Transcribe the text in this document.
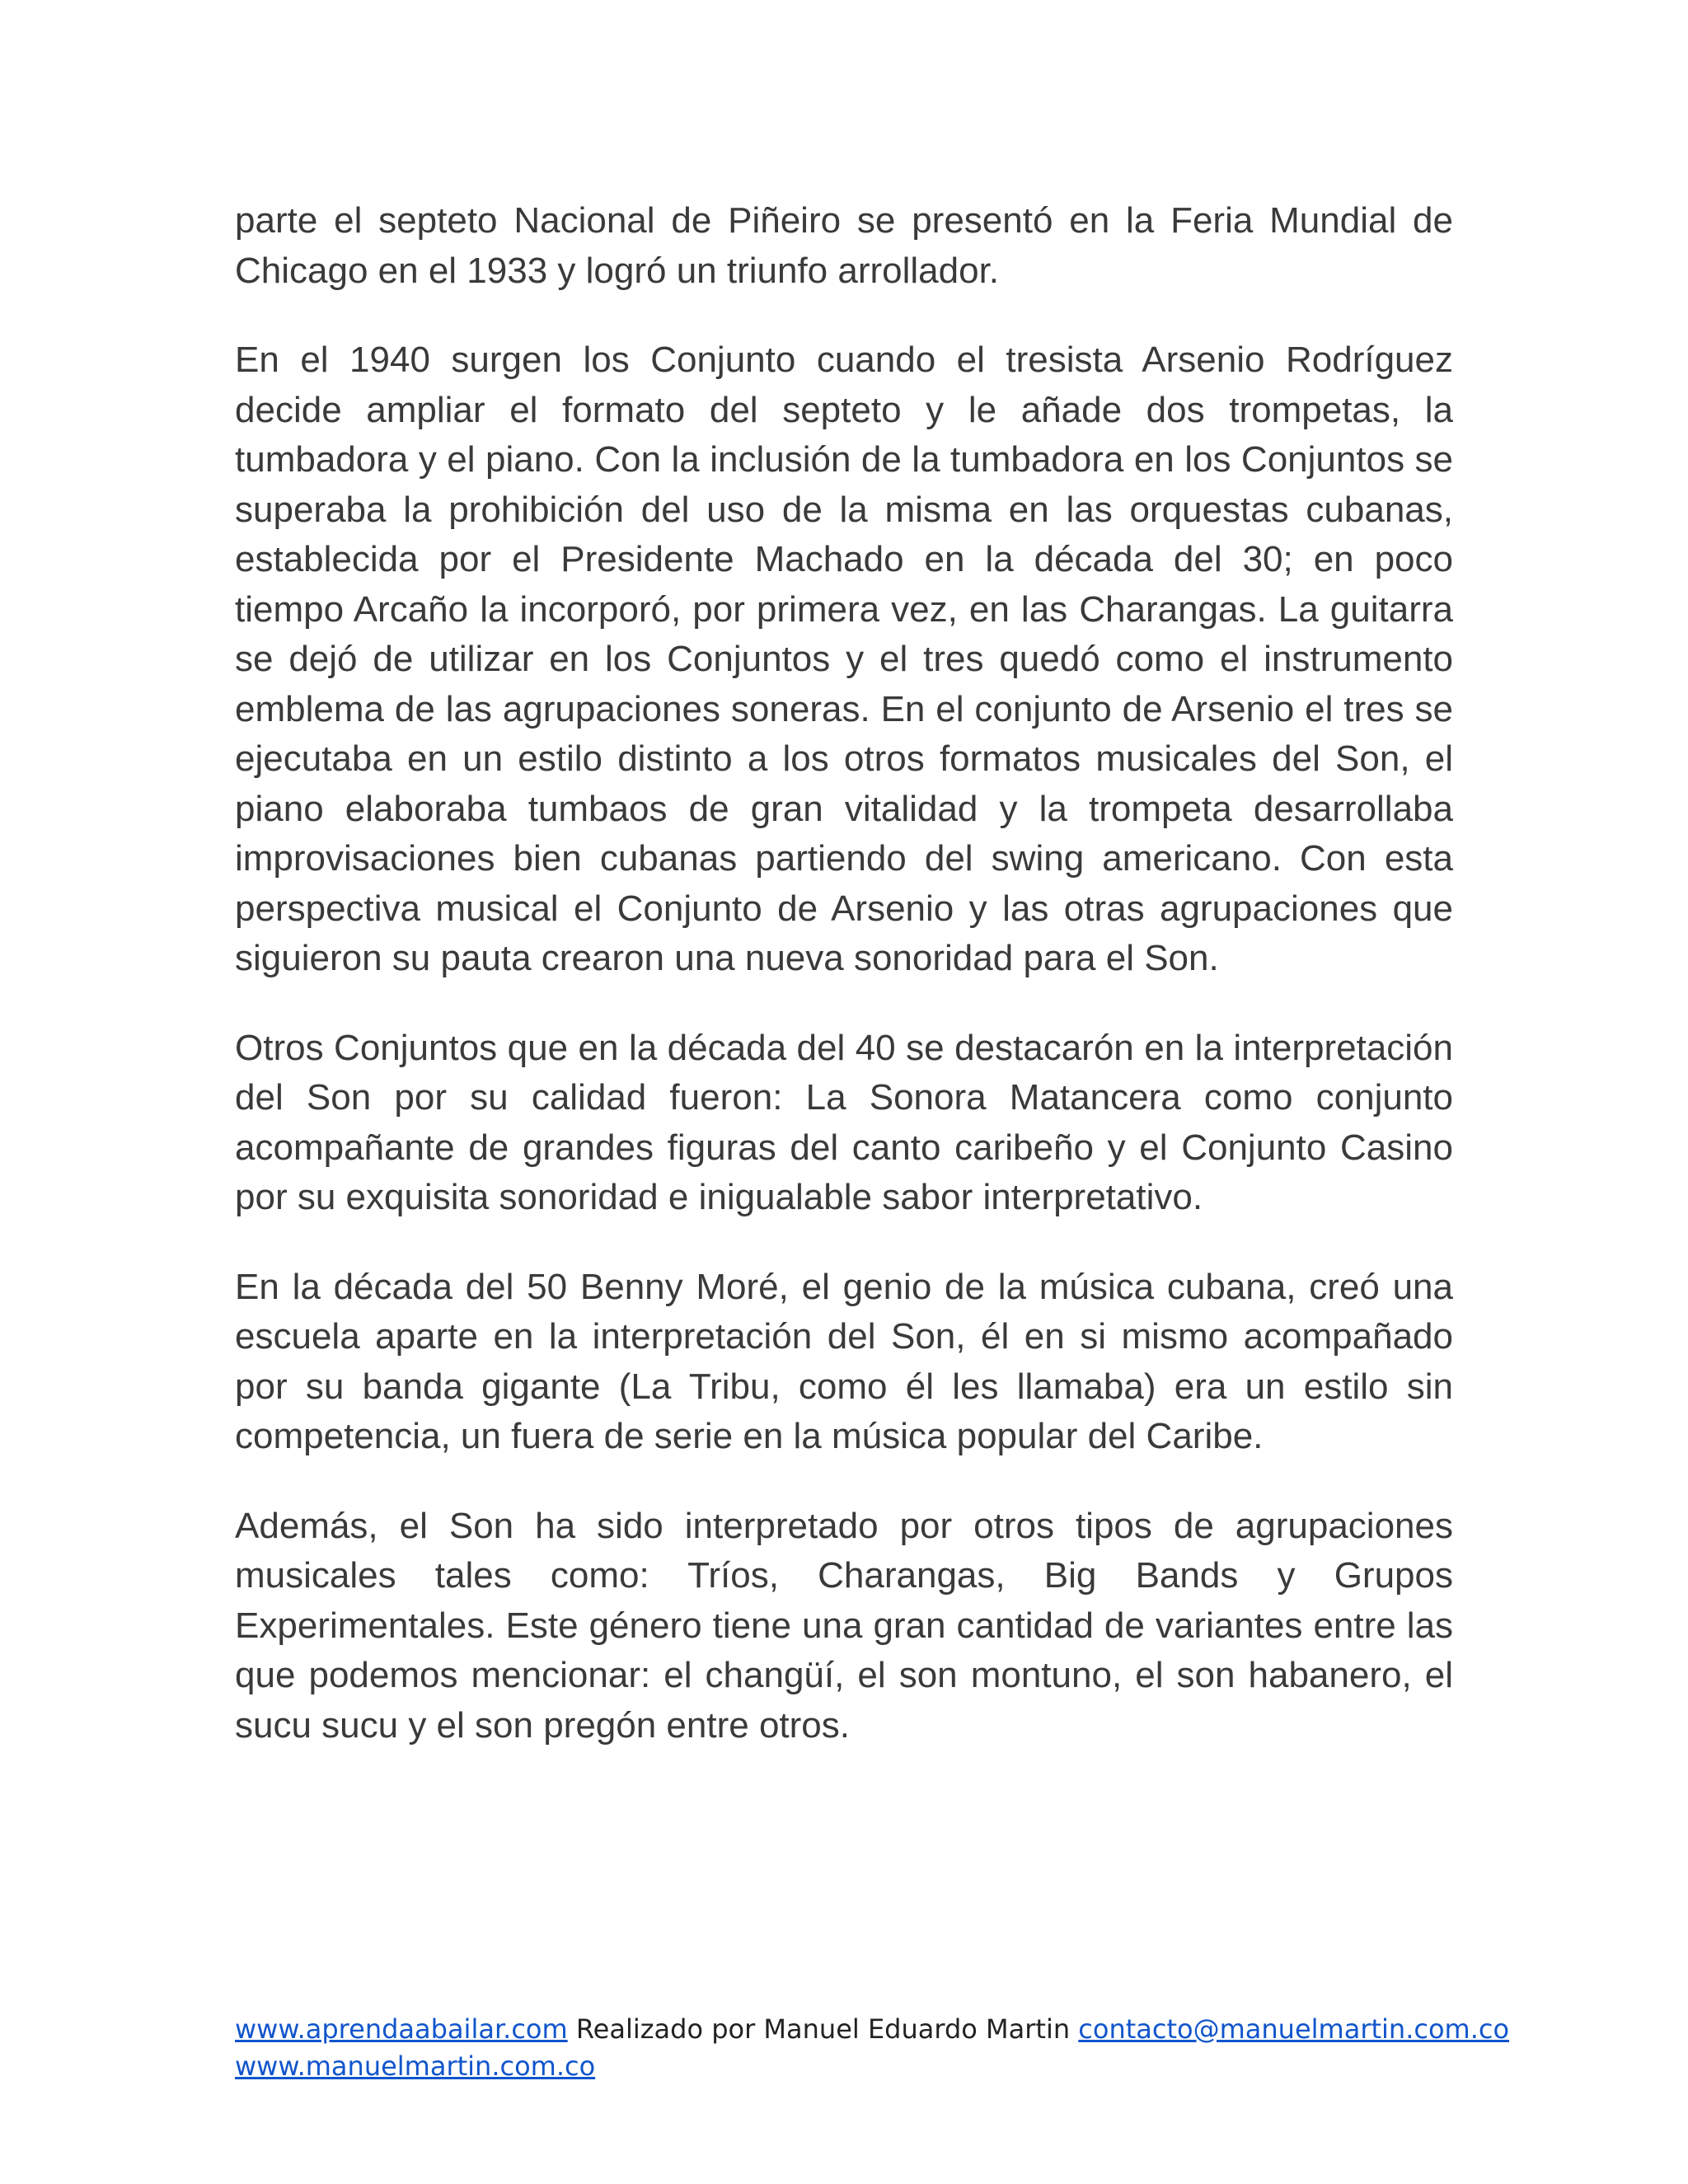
parte el septeto Nacional de Piñeiro se presentó en la Feria Mundial de Chicago en el 1933 y logró un triunfo arrollador.

En el 1940 surgen los Conjunto cuando el tresista Arsenio Rodríguez decide ampliar el formato del septeto y le añade dos trompetas, la tumbadora y el piano. Con la inclusión de la tumbadora en los Conjuntos se superaba la prohibición del uso de la misma en las orquestas cubanas, establecida por el Presidente Machado en la década del 30; en poco tiempo Arcaño la incorporó, por primera vez, en las Charangas. La guitarra se dejó de utilizar en los Conjuntos y el tres quedó como el instrumento emblema de las agrupaciones soneras. En el conjunto de Arsenio el tres se ejecutaba en un estilo distinto a los otros formatos musicales del Son, el piano elaboraba tumbaos de gran vitalidad y la trompeta desarrollaba improvisaciones bien cubanas partiendo del swing americano. Con esta perspectiva musical el Conjunto de Arsenio y las otras agrupaciones que siguieron su pauta crearon una nueva sonoridad para el Son.

Otros Conjuntos que en la década del 40 se destacarón en la interpretación del Son por su calidad fueron: La Sonora Matancera como conjunto acompañante de grandes figuras del canto caribeño y el Conjunto Casino por su exquisita sonoridad e inigualable sabor interpretativo.

En la década del 50 Benny Moré, el genio de la música cubana, creó una escuela aparte en la interpretación del Son, él en si mismo acompañado por su banda gigante (La Tribu, como él les llamaba) era un estilo sin competencia, un fuera de serie en la música popular del Caribe.

Además, el Son ha sido interpretado por otros tipos de agrupaciones musicales tales como: Tríos, Charangas, Big Bands y Grupos Experimentales. Este género tiene una gran cantidad de variantes entre las que podemos mencionar: el changüí, el son montuno, el son habanero, el sucu sucu y el son pregón entre otros.

www.aprendaabailar.com Realizado por Manuel Eduardo Martin contacto@manuelmartin.com.co
www.manuelmartin.com.co
